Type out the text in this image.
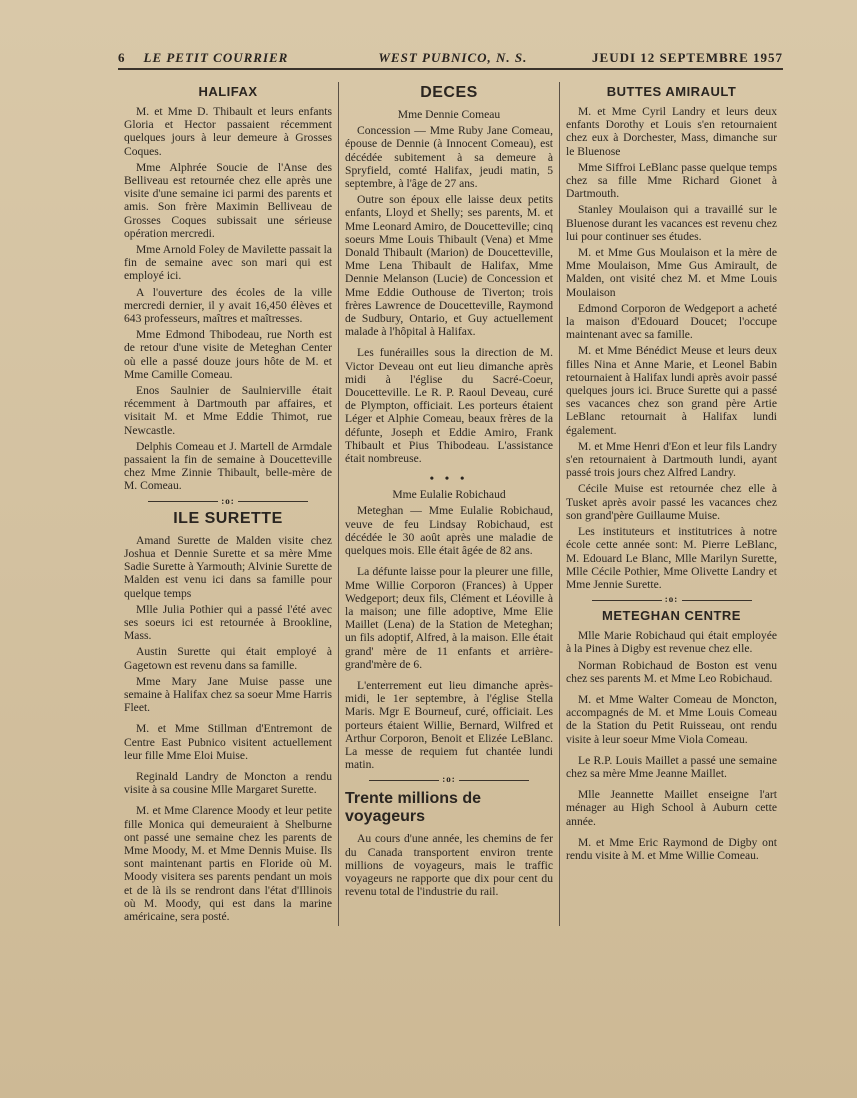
6 LE PETIT COURRIER	WEST PUBNICO, N. S.	JEUDI 12 SEPTEMBRE 1957
HALIFAX

M. et Mme D. Thibault et leurs enfants Gloria et Hector passaient récemment quelques jours à leur demeure à Grosses Coques.

Mme Alphrée Soucie de l'Anse des Belliveau est retournée chez elle après une visite d'une semaine ici parmi des parents et amis. Son frère Maximin Belliveau de Grosses Coques subissait une sérieuse opération mercredi.

Mme Arnold Foley de Mavilette passait la fin de semaine avec son mari qui est employé ici.

A l'ouverture des écoles de la ville mercredi dernier, il y avait 16,450 élèves et 643 professeurs, maîtres et maîtresses.

Mme Edmond Thibodeau, rue North est de retour d'une visite de Meteghan Center où elle a passé douze jours hôte de M. et Mme Camille Comeau.

Enos Saulnier de Saulnierville était récemment à Dartmouth par affaires, et visitait M. et Mme Eddie Thimot, rue Newcastle.

Delphis Comeau et J. Martell de Armdale passaient la fin de semaine à Doucetteville chez Mme Zinnie Thibault, belle-mère de M. Comeau.

:o:
ILE SURETTE

Amand Surette de Malden visite chez Joshua et Dennie Surette et sa mère Mme Sadie Surette à Yarmouth; Alvinie Surette de Malden est venu ici dans sa famille pour quelque temps

Mlle Julia Pothier qui a passé l'été avec ses soeurs ici est retournée à Brookline, Mass.

Austin Surette qui était employé à Gagetown est revenu dans sa famille.

Mme Mary Jane Muise passe une semaine à Halifax chez sa soeur Mme Harris Fleet.

M. et Mme Stillman d'Entremont de Centre East Pubnico visitent actuellement leur fille Mme Eloi Muise.

Reginald Landry de Moncton a rendu visite à sa cousine Mlle Margaret Surette.

M. et Mme Clarence Moody et leur petite fille Monica qui demeuraient à Shelburne ont passé une semaine chez les parents de Mme Moody, M. et Mme Dennis Muise. Ils sont maintenant partis en Floride où M. Moody visitera ses parents pendant un mois et de là ils se rendront dans l'état d'Illinois où M. Moody, qui est dans la marine américaine, sera posté.

DECES

Mme Dennie Comeau

Concession — Mme Ruby Jane Comeau, épouse de Dennie (à Innocent Comeau), est décédée subitement à sa demeure à Spryfield, comté Halifax, jeudi matin, 5 septembre, à l'âge de 27 ans.

Outre son époux elle laisse deux petits enfants, Lloyd et Shelly; ses parents, M. et Mme Leonard Amiro, de Doucetteville; cinq soeurs Mme Louis Thibault (Vena) et Mme Donald Thibault (Marion) de Doucetteville, Mme Lena Thibault de Halifax, Mme Dennie Melanson (Lucie) de Concession et Mme Eddie Outhouse de Tiverton; trois frères Lawrence de Doucetteville, Raymond de Sudbury, Ontario, et Guy actuellement malade à l'hôpital à Halifax.

Les funérailles sous la direction de M. Victor Deveau ont eut lieu dimanche après midi à l'église du Sacré-Coeur, Doucetteville. Le R. P. Raoul Deveau, curé de Plympton, officiait. Les porteurs étaient Léger et Alphie Comeau, beaux frères de la défunte, Joseph et Eddie Amiro, Frank Thibault et Pius Thibodeau. L'assistance était nombreuse.

• • •

Mme Eulalie Robichaud

Meteghan — Mme Eulalie Robichaud, veuve de feu Lindsay Robichaud, est décédée le 30 août après une maladie de quelques mois. Elle était âgée de 82 ans.

La défunte laisse pour la pleurer une fille, Mme Willie Corporon (Frances) à Upper Wedgeport; deux fils, Clément et Léoville à la maison; une fille adoptive, Mme Elie Maillet (Lena) de la Station de Meteghan; un fils adoptif, Alfred, à la maison. Elle était grand' mère de 11 enfants et arrière-grand'mère de 6.

L'enterrement eut lieu dimanche après-midi, le 1er septembre, à l'église Stella Maris. Mgr E Bourneuf, curé, officiait. Les porteurs étaient Willie, Bernard, Wilfred et Arthur Corporon, Benoit et Elizée LeBlanc. La messe de requiem fut chantée lundi matin.

:o:
Trente millions de voyageurs

Au cours d'une année, les chemins de fer du Canada transportent environ trente millions de voyageurs, mais le traffic voyageurs ne rapporte que dix pour cent du revenu total de l'industrie du rail.

BUTTES AMIRAULT

M. et Mme Cyril Landry et leurs deux enfants Dorothy et Louis s'en retournaient chez eux à Dorchester, Mass, dimanche sur le Bluenose

Mme Siffroi LeBlanc passe quelque temps chez sa fille Mme Richard Gionet à Dartmouth.

Stanley Moulaison qui a travaillé sur le Bluenose durant les vacances est revenu chez lui pour continuer ses études.

M. et Mme Gus Moulaison et la mère de Mme Moulaison, Mme Gus Amirault, de Malden, ont visité chez M. et Mme Louis Moulaison

Edmond Corporon de Wedgeport a acheté la maison d'Edouard Doucet; l'occupe maintenant avec sa famille.

M. et Mme Bénédict Meuse et leurs deux filles Nina et Anne Marie, et Leonel Babin retournaient à Halifax lundi après avoir passé quelques jours ici. Bruce Surette qui a passé ses vacances chez son grand père Artie LeBlanc retournait à Halifax lundi également.

M. et Mme Henri d'Eon et leur fils Landry s'en retournaient à Dartmouth lundi, ayant passé trois jours chez Alfred Landry.

Cécile Muise est retournée chez elle à Tusket après avoir passé les vacances chez son grand'père Guillaume Muise.

Les instituteurs et institutrices à notre école cette année sont: M. Pierre LeBlanc, M. Edouard Le Blanc, Mlle Marilyn Surette, Mlle Cécile Pothier, Mme Olivette Landry et Mme Jennie Surette.

:o:
METEGHAN CENTRE

Mlle Marie Robichaud qui était employée à la Pines à Digby est revenue chez elle.

Norman Robichaud de Boston est venu chez ses parents M. et Mme Leo Robichaud.

M. et Mme Walter Comeau de Moncton, accompagnés de M. et Mme Louis Comeau de la Station du Petit Ruisseau, ont rendu visite à leur soeur Mme Viola Comeau.

Le R.P. Louis Maillet a passé une semaine chez sa mère Mme Jeanne Maillet.

Mlle Jeannette Maillet enseigne l'art ménager au High School à Auburn cette année.

M. et Mme Eric Raymond de Digby ont rendu visite à M. et Mme Willie Comeau.
